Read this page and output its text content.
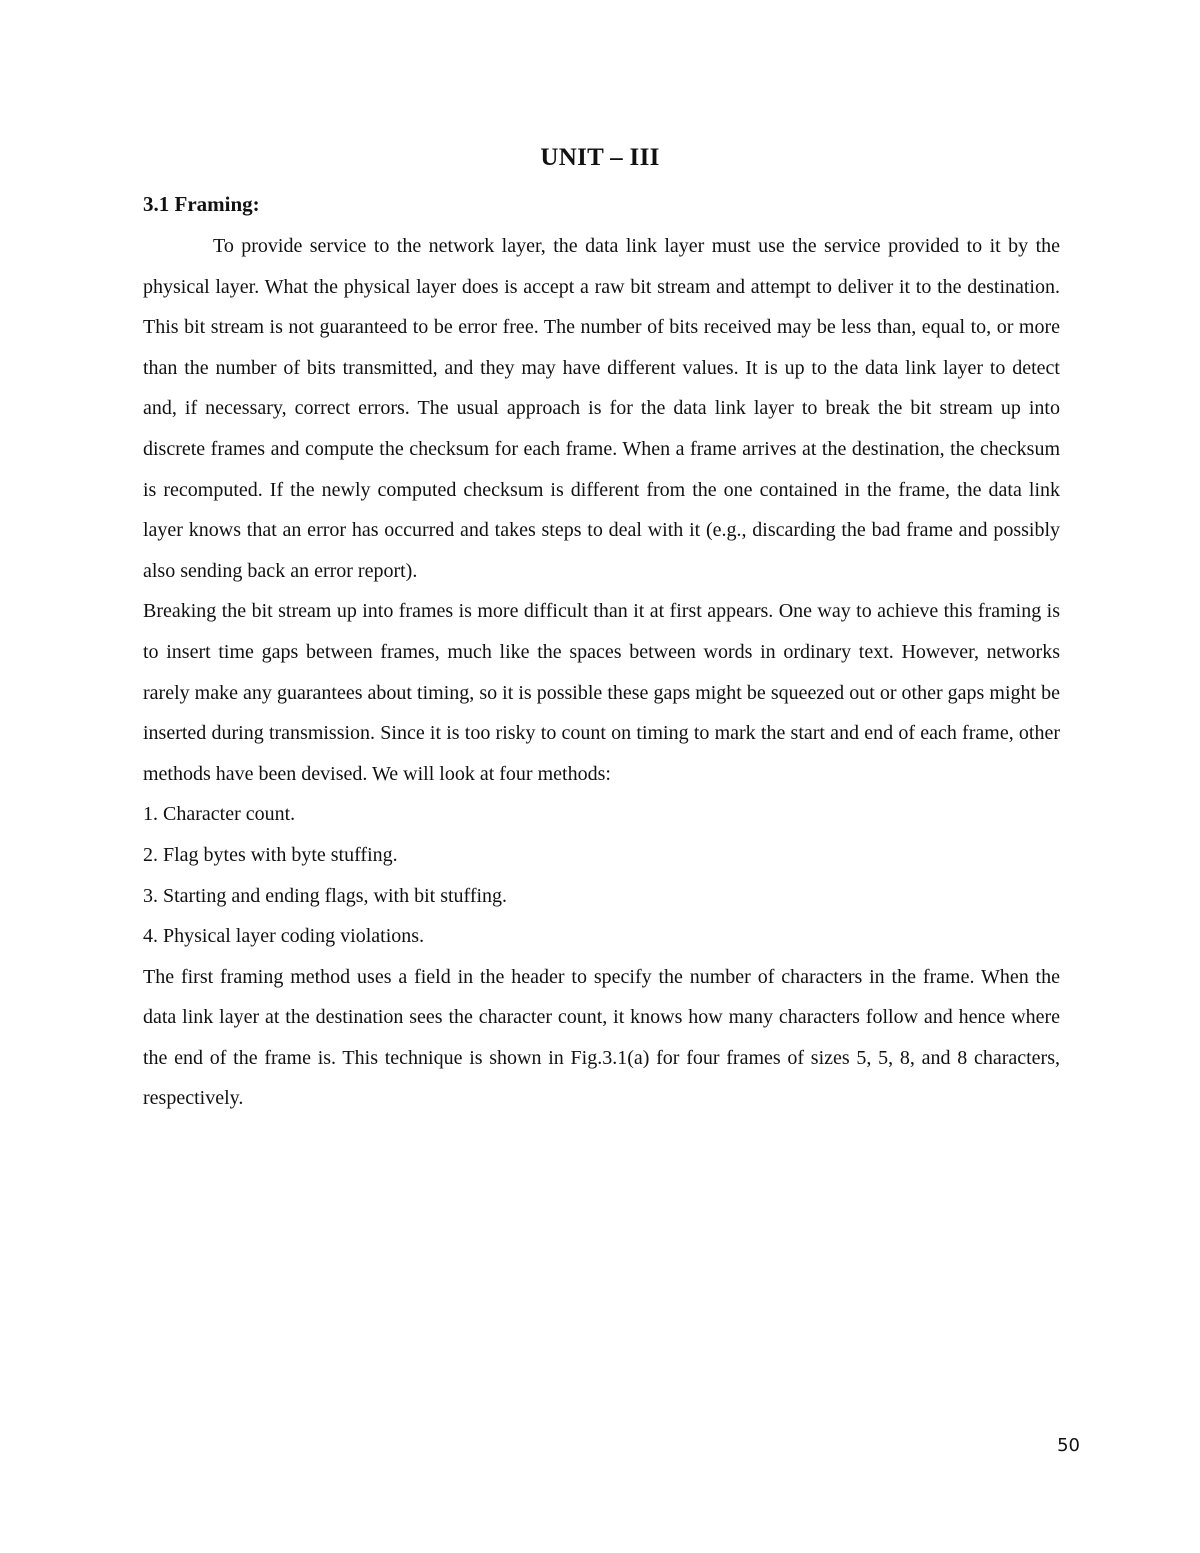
UNIT – III
3.1 Framing:

To provide service to the network layer, the data link layer must use the service provided to it by the physical layer. What the physical layer does is accept a raw bit stream and attempt to deliver it to the destination. This bit stream is not guaranteed to be error free. The number of bits received may be less than, equal to, or more than the number of bits transmitted, and they may have different values. It is up to the data link layer to detect and, if necessary, correct errors. The usual approach is for the data link layer to break the bit stream up into discrete frames and compute the checksum for each frame. When a frame arrives at the destination, the checksum is recomputed. If the newly computed checksum is different from the one contained in the frame, the data link layer knows that an error has occurred and takes steps to deal with it (e.g., discarding the bad frame and possibly also sending back an error report).

Breaking the bit stream up into frames is more difficult than it at first appears. One way to achieve this framing is to insert time gaps between frames, much like the spaces between words in ordinary text. However, networks rarely make any guarantees about timing, so it is possible these gaps might be squeezed out or other gaps might be inserted during transmission. Since it is too risky to count on timing to mark the start and end of each frame, other methods have been devised. We will look at four methods:

1. Character count.

2. Flag bytes with byte stuffing.

3. Starting and ending flags, with bit stuffing.

4. Physical layer coding violations.

The first framing method uses a field in the header to specify the number of characters in the frame. When the data link layer at the destination sees the character count, it knows how many characters follow and hence where the end of the frame is. This technique is shown in Fig.3.1(a) for four frames of sizes 5, 5, 8, and 8 characters, respectively.

50
